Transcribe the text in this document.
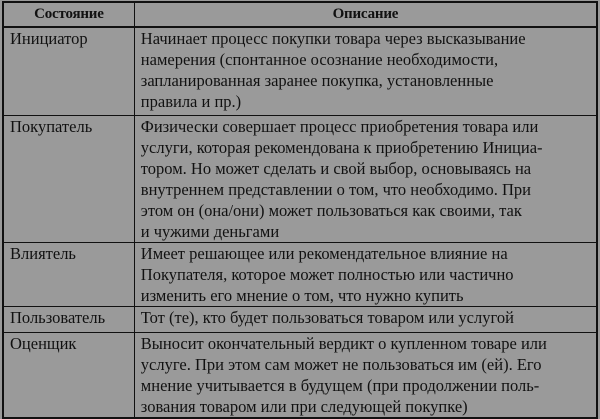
Состояние	Описание
Инициатор	Начинает процесс покупки товара через высказывание
намерения (спонтанное осознание необходимости,
запланированная заранее покупка, установленные
правила и пр.)

Покупатель	Физически совершает процесс приобретения товара или
услуги, которая рекомендована к приобретению Инициа-
тором. Но может сделать и свой выбор, основываясь на
внутреннем представлении о том, что необходимо. При
этом он (она/они) может пользоваться как своими, так
и чужими деньгами

Влиятель	Имеет решающее или рекомендательное влияние на
Покупателя, которое может полностью или частично
изменить его мнение о том, что нужно купить

Пользователь	Тот (те), кто будет пользоваться товаром или услугой

Оценщик	Выносит окончательный вердикт о купленном товаре или
услуге. При этом сам может не пользоваться им (ей). Его
мнение учитывается в будущем (при продолжении поль-
зования товаром или при следующей покупке)
